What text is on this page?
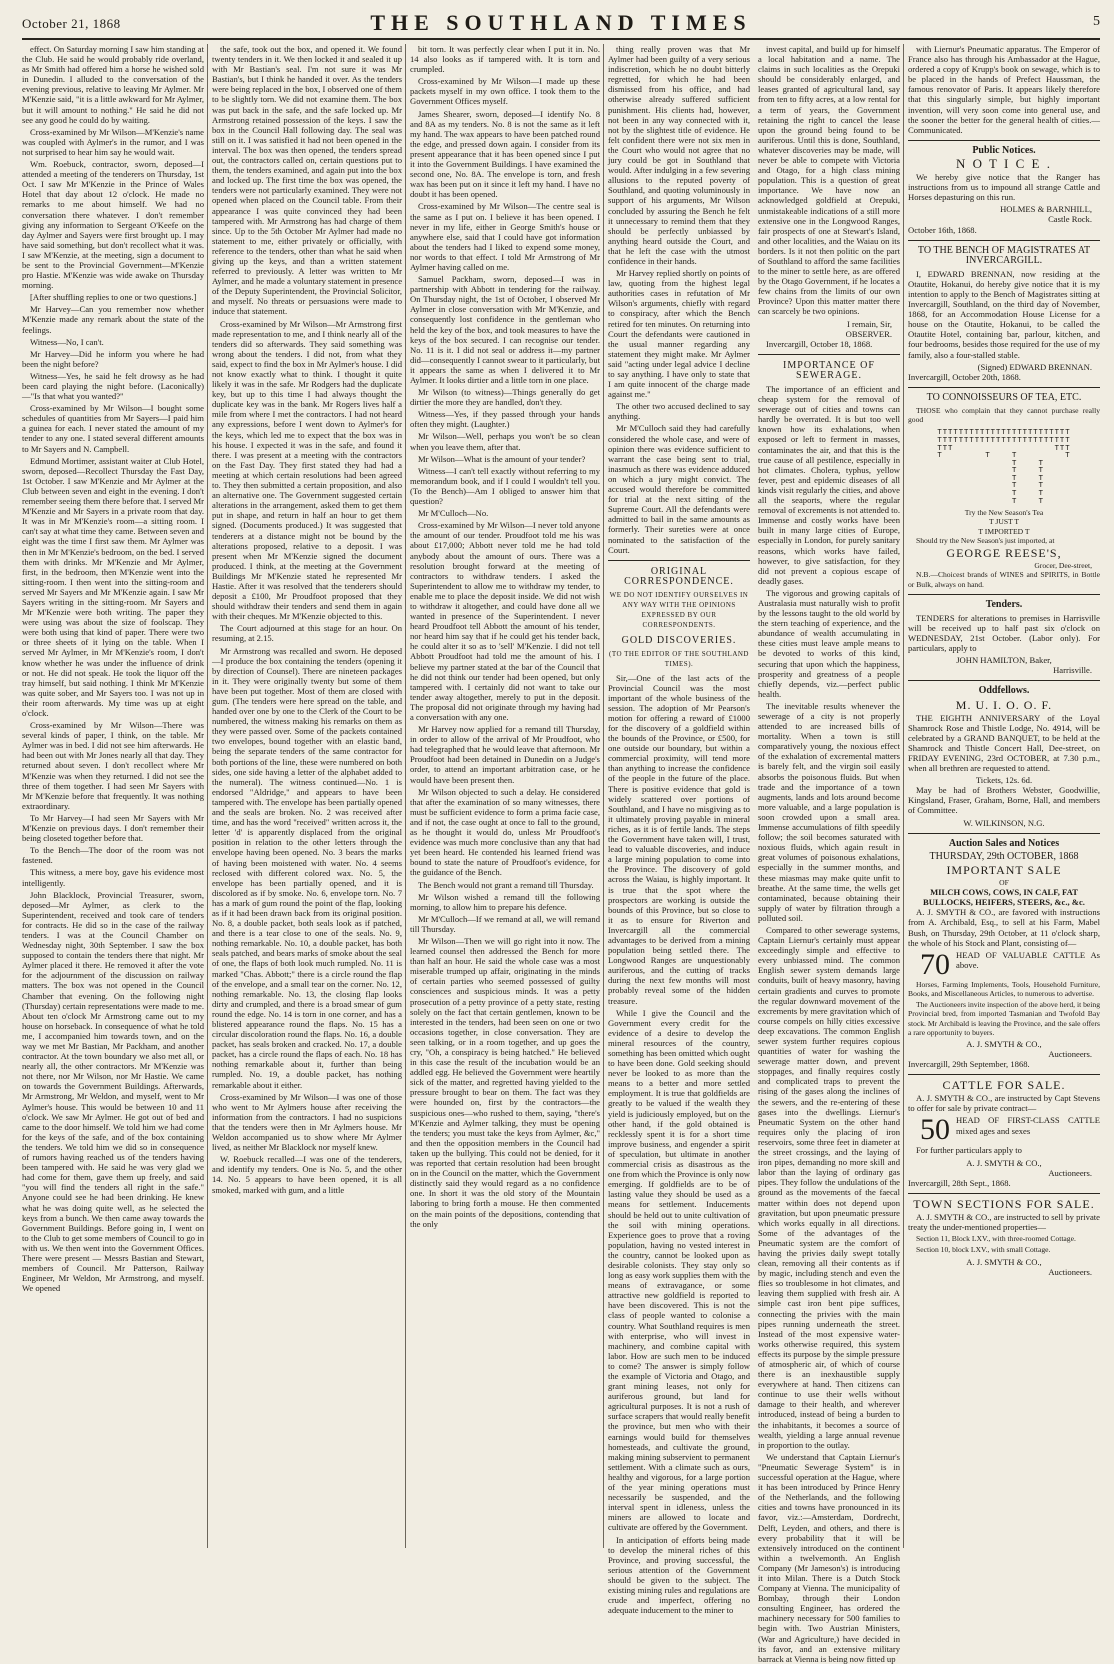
October 21, 1868	THE SOUTHLAND TIMES	5

effect. On Saturday morning I saw him standing at the Club. He said he would probably ride overland, as Mr Smith had offered him a horse he wished sold in Dunedin. I alluded to the conversation of the evening previous, relative to leaving Mr Aylmer. Mr M'Kenzie said, "it is a little awkward for Mr Aylmer, but it will amount to nothing." He said he did not see any good he could do by waiting.

Cross-examined by Mr Wilson—M'Kenzie's name was coupled with Aylmer's in the rumor, and I was not surprised to hear him say he would wait.

Wm. Roebuck, contractor, sworn, deposed—I attended a meeting of the tenderers on Thursday, 1st Oct. I saw Mr M'Kenzie in the Prince of Wales Hotel that day about 12 o'clock. He made no remarks to me about himself. We had no conversation there whatever. I don't remember giving any information to Sergeant O'Keefe on the day Aylmer and Sayers were first brought up. I may have said something, but don't recollect what it was. I saw M'Kenzie, at the meeting, sign a document to be sent to the Provincial Government—M'Kenzie pro Hastie. M'Kenzie was wide awake on Thursday morning.

[After shuffling replies to one or two questions.]

Mr Harvey—Can you remember now whether M'Kenzie made any remark about the state of the feelings.

Witness—No, I can't.

Mr Harvey—Did he inform you where he had been the night before?

Witness—Yes, he said he felt drowsy as he had been card playing the night before. (Laconically)—"Is that what you wanted?"

Cross-examined by Mr Wilson—I bought some schedules of quantities from Mr Sayers—I paid him a guinea for each. I never stated the amount of my tender to any one. I stated several different amounts to Mr Sayers and N. Campbell.

Edmund Mortimer, assistant waiter at Club Hotel, sworn, deposed—Recollect Thursday the Fast Day, 1st October. I saw M'Kenzie and Mr Aylmer at the Club between seven and eight in the evening. I don't remember seeing them there before that. I served Mr M'Kenzie and Mr Sayers in a private room that day. It was in Mr M'Kenzie's room—a sitting room. I can't say at what time they came. Between seven and eight was the time I first saw them. Mr Aylmer was then in Mr M'Kenzie's bedroom, on the bed. I served them with drinks. Mr M'Kenzie and Mr Aylmer, first, in the bedroom, then M'Kenzie went into the sitting-room. I then went into the sitting-room and served Mr Sayers and Mr M'Kenzie again. I saw Mr Sayers writing in the sitting-room. Mr Sayers and Mr M'Kenzie were both writing. The paper they were using was about the size of foolscap. They were both using that kind of paper. There were two or three sheets of it lying on the table. When I served Mr Aylmer, in Mr M'Kenzie's room, I don't know whether he was under the influence of drink or not. He did not speak. He took the liquor off the tray himself, but said nothing. I think Mr M'Kenzie was quite sober, and Mr Sayers too. I was not up in their room afterwards. My time was up at eight o'clock.

Cross-examined by Mr Wilson—There was several kinds of paper, I think, on the table. Mr Aylmer was in bed. I did not see him afterwards. He had been out with Mr Jones nearly all that day. They returned about seven. I don't recollect where Mr M'Kenzie was when they returned. I did not see the three of them together. I had seen Mr Sayers with Mr M'Kenzie before that frequently. It was nothing extraordinary.

To Mr Harvey—I had seen Mr Sayers with Mr M'Kenzie on previous days. I don't remember their being closeted together before that.

To the Bench—The door of the room was not fastened.

This witness, a mere boy, gave his evidence most intelligently.

John Blacklock, Provincial Treasurer, sworn, deposed—Mr Aylmer, as clerk to the Superintendent, received and took care of tenders for contracts. He did so in the case of the railway tenders. I was at the Council Chamber on Wednesday night, 30th September. I saw the box supposed to contain the tenders there that night. Mr Aylmer placed it there. He removed it after the vote for the adjournment of the discussion on railway matters. The box was not opened in the Council Chamber that evening. On the following night (Thursday) certain representations were made to me. About ten o'clock Mr Armstrong came out to my house on horseback. In consequence of what he told me, I accompanied him towards town, and on the way we met Mr Bastian, Mr Packham, and another contractor. At the town boundary we also met all, or nearly all, the other contractors. Mr M'Kenzie was not there, nor Mr Wilson, nor Mr Hastie. We came on towards the Government Buildings. Afterwards, Mr Armstrong, Mr Weldon, and myself, went to Mr Aylmer's house. This would be between 10 and 11 o'clock. We saw Mr Aylmer. He got out of bed and came to the door himself. We told him we had come for the keys of the safe, and of the box containing the tenders. We told him we did so in consequence of rumors having reached us of the tenders having been tampered with. He said he was very glad we had come for them, gave them up freely, and said "you will find the tenders all right in the safe." Anyone could see he had been drinking. He knew what he was doing quite well, as he selected the keys from a bunch. We then came away towards the Government Buildings. Before going in, I went on to the Club to get some members of Council to go in with us. We then went into the Government Offices. There were present — Messrs Bastian and Stewart, members of Council. Mr Patterson, Railway Engineer, Mr Weldon, Mr Armstrong, and myself. We opened

the safe, took out the box, and opened it. We found twenty tenders in it. We then locked it and sealed it up with Mr Bastian's seal. I'm not sure it was Mr Bastian's, but I think he handed it over. As the tenders were being replaced in the box, I observed one of them to be slightly torn. We did not examine them. The box was put back in the safe, and the safe locked up. Mr Armstrong retained possession of the keys. I saw the box in the Council Hall following day. The seal was still on it. I was satisfied it had not been opened in the interval. The box was then opened, the tenders spread out, the contractors called on, certain questions put to them, the tenders examined, and again put into the box and locked up. The first time the box was opened, the tenders were not particularly examined. They were not opened when placed on the Council table. From their appearance I was quite convinced they had been tampered with. Mr Armstrong has had charge of them since. Up to the 5th October Mr Aylmer had made no statement to me, either privately or officially, with reference to the tenders, other than what he said when giving up the keys, and than a written statement referred to previously. A letter was written to Mr Aylmer, and he made a voluntary statement in presence of the Deputy Superintendent, the Provincial Solicitor, and myself. No threats or persuasions were made to induce that statement.

Cross-examined by Mr Wilson—Mr Armstrong first made representation to me, and I think nearly all of the tenders did so afterwards. They said something was wrong about the tenders. I did not, from what they said, expect to find the box in Mr Aylmer's house. I did not know exactly what to think. I thought it quite likely it was in the safe. Mr Rodgers had the duplicate key, but up to this time I had always thought the duplicate key was in the bank. Mr Rogers lives half a mile from where I met the contractors. I had not heard any expressions, before I went down to Aylmer's for the keys, which led me to expect that the box was in his house. I expected it was in the safe, and found it there. I was present at a meeting with the contractors on the Fast Day. They first stated they had had a meeting at which certain resolutions had been agreed to. They then submitted a certain proposition, and also an alternative one. The Government suggested certain alterations in the arrangement, asked them to get them put in shape, and return in half an hour to get them signed. (Documents produced.) It was suggested that tenderers at a distance might not be bound by the alterations proposed, relative to a deposit. I was present when Mr M'Kenzie signed the document produced. I think, at the meeting at the Government Buildings Mr M'Kenzie stated he represented Mr Hastie. After it was resolved that the tenderers should deposit a £100, Mr Proudfoot proposed that they should withdraw their tenders and send them in again with their cheques. Mr M'Kenzie objected to this.

The Court adjourned at this stage for an hour. On resuming, at 2.15.

Mr Armstrong was recalled and sworn. He deposed—I produce the box containing the tenders (opening it by direction of Counsel). There are nineteen packages in it. They were originally twenty but some of them have been put together. Most of them are closed with gum. (The tenders were here spread on the table, and handed over one by one to the Clerk of the Court to be numbered, the witness making his remarks on them as they were passed over. Some of the packets contained two envelopes, bound together with an elastic band, being the separate tenders of the same contractor for both portions of the line, these were numbered on both sides, one side having a letter of the alphabet added to the numeral). The witness continued—No. 1 is endorsed "Aldridge," and appears to have been tampered with. The envelope has been partially opened and the seals are broken. No. 2 was received after time, and has the word "received" written across it, the letter 'd' is apparently displaced from the original position in relation to the other letters through the envelope having been opened. No. 3 bears the marks of having been moistened with water. No. 4 seems reclosed with different colored wax. No. 5, the envelope has been partially opened, and it is discolored as if by smoke. No. 6, envelope torn. No. 7 has a mark of gum round the point of the flap, looking as if it had been drawn back from its original position. No. 8, a double packet, both seals look as if patched, and there is a tear close to one of the seals. No. 9, nothing remarkable. No. 10, a double packet, has both seals patched, and bears marks of smoke about the seal of one, the flaps of both look much rumpled. No. 11 is marked "Chas. Abbott;" there is a circle round the flap of the envelope, and a small tear on the corner. No. 12, nothing remarkable. No. 13, the closing flap looks dirty and crumpled, and there is a broad smear of gum round the edge. No. 14 is torn in one corner, and has a blistered appearance round the flaps. No. 15 has a circular discoloration round the flaps. No. 16, a double packet, has seals broken and cracked. No. 17, a double packet, has a circle round the flaps of each. No. 18 has nothing remarkable about it, further than being rumpled. No. 19, a double packet, has nothing remarkable about it either.

Cross-examined by Mr Wilson—I was one of those who went to Mr Aylmers house after receiving the information from the contractors. I had no suspicions that the tenders were then in Mr Aylmers house. Mr Weldon accompanied us to show where Mr Aylmer lived, as neither Mr Blacklock nor myself knew.

W. Roebuck recalled—I was one of the tenderers, and identify my tenders. One is No. 5, and the other 14. No. 5 appears to have been opened, it is all smoked, marked with gum, and a little

bit torn. It was perfectly clear when I put it in. No. 14 also looks as if tampered with. It is torn and crumpled.

Cross-examined by Mr Wilson—I made up these packets myself in my own office. I took them to the Government Offices myself.

James Shearer, sworn, deposed—I identify No. 8 and 8A as my tenders. No. 8 is not the same as it left my hand. The wax appears to have been patched round the edge, and pressed down again. I consider from its present appearance that it has been opened since I put it into the Government Buildings. I have examined the second one, No. 8A. The envelope is torn, and fresh wax has been put on it since it left my hand. I have no doubt it has been opened.

Cross-examined by Mr Wilson—The centre seal is the same as I put on. I believe it has been opened. I never in my life, either in George Smith's house or anywhere else, said that I could have got information about the tenders had I liked to expend some money, nor words to that effect. I told Mr Armstrong of Mr Aylmer having called on me.

Samuel Packham, sworn, deposed—I was in partnership with Abbott in tendering for the railway. On Thursday night, the 1st of October, I observed Mr Aylmer in close conversation with Mr M'Kenzie, and consequently lost confidence in the gentleman who held the key of the box, and took measures to have the keys of the box secured. I can recognise our tender. No. 11 is it. I did not seal or address it—my partner did—consequently I cannot swear to it particularly, but it appears the same as when I delivered it to Mr Aylmer. It looks dirtier and a little torn in one place.

Mr Wilson (to witness)—Things generally do get dirtier the more they are handled, don't they.

Witness—Yes, if they passed through your hands often they might. (Laughter.)

Mr Wilson—Well, perhaps you won't be so clean when you leave them, after that.

Mr Wilson—What is the amount of your tender?

Witness—I can't tell exactly without referring to my memorandum book, and if I could I wouldn't tell you. (To the Bench)—Am I obliged to answer him that question?

Mr M'Culloch—No.

Cross-examined by Mr Wilson—I never told anyone the amount of our tender. Proudfoot told me his was about £17,000; Abbott never told me he had told anybody about the amount of ours. There was a resolution brought forward at the meeting of contractors to withdraw tenders. I asked the Superintendent to allow me to withdraw my tender, to enable me to place the deposit inside. We did not wish to withdraw it altogether, and could have done all we wanted in presence of the Superintendent. I never heard Proudfoot tell Abbott the amount of his tender, nor heard him say that if he could get his tender back, he could alter it so as to 'sell' M'Kenzie. I did not tell Abbott Proudfoot had told me the amount of his. I believe my partner stated at the bar of the Council that he did not think our tender had been opened, but only tampered with. I certainly did not want to take our tender away altogether, merely to put in the deposit. The proposal did not originate through my having had a conversation with any one.

Mr Harvey now applied for a remand till Thursday, in order to allow of the arrival of Mr Proudfoot, who had telegraphed that he would leave that afternoon. Mr Proudfoot had been detained in Dunedin on a Judge's order, to attend an important arbitration case, or he would have been present then.

Mr Wilson objected to such a delay. He considered that after the examination of so many witnesses, there must be sufficient evidence to form a prima facie case, and if not, the case ought at once to fall to the ground, as he thought it would do, unless Mr Proudfoot's evidence was much more conclusive than any that had yet been heard. He contended his learned friend was bound to state the nature of Proudfoot's evidence, for the guidance of the Bench.

The Bench would not grant a remand till Thursday.

Mr Wilson wished a remand till the following morning, to allow him to prepare his defence.

Mr M'Culloch—If we remand at all, we will remand till Thursday.

Mr Wilson—Then we will go right into it now. The learned counsel then addressed the Bench for more than half an hour. He said the whole case was a most miserable trumped up affair, originating in the minds of certain parties who seemed possessed of guilty consciences and suspicious minds. It was a petty prosecution of a petty province of a petty state, resting solely on the fact that certain gentlemen, known to be interested in the tenders, had been seen on one or two occasions together, in close conversation. They are seen talking, or in a room together, and up goes the cry, "Oh, a conspiracy is being hatched." He believed in this case the result of the incubation would be an addled egg. He believed the Government were heartily sick of the matter, and regretted having yielded to the pressure brought to bear on them. The fact was they were hounded on, first by the contractors—the suspicious ones—who rushed to them, saying, "there's M'Kenzie and Aylmer talking, they must be opening the tenders; you must take the keys from Aylmer, &c," and then the opposition members in the Council had taken up the bullying. This could not be denied, for it was reported that certain resolution had been brought on in the Council on the matter, which the Government distinctly said they would regard as a no confidence one. In short it was the old story of the Mountain laboring to bring forth a mouse. He then commented on the main points of the depositions, contending that the only

thing really proven was that Mr Aylmer had been guilty of a very serious indiscretion, which he no doubt bitterly regretted, for which he had been dismissed from his office, and had otherwise already suffered sufficient punishment. His clients had, however, not been in any way connected with it, not by the slightest title of evidence. He felt confident there were not six men in the Court who would not agree that no jury could be got in Southland that would. After indulging in a few severing allusions to the reputed poverty of Southland, and quoting voluminously in support of his arguments, Mr Wilson concluded by assuring the Bench he felt it unnecessary to remind them that they should be perfectly unbiassed by anything heard outside the Court, and that he left the case with the utmost confidence in their hands.

Mr Harvey replied shortly on points of law, quoting from the highest legal authorities cases in refutation of Mr Wilson's arguments, chiefly with regard to conspiracy, after which the Bench retired for ten minutes. On returning into Court the defendants were cautioned in the usual manner regarding any statement they might make. Mr Aylmer said "acting under legal advice I decline to say anything. I have only to state that I am quite innocent of the charge made against me."

The other two accused declined to say anything.

Mr M'Culloch said they had carefully considered the whole case, and were of opinion there was evidence sufficient to warrant the case being sent to trial, inasmuch as there was evidence adduced on which a jury might convict. The accused would therefore be committed for trial at the next sitting of the Supreme Court. All the defendants were admitted to bail in the same amounts as formerly. Their sureties were at once nominated to the satisfaction of the Court.

ORIGINAL CORRESPONDENCE.
WE DO NOT IDENTIFY OURSELVES IN ANY WAY WITH THE OPINIONS EXPRESSED BY OUR CORRESPONDENTS.
GOLD DISCOVERIES.
(TO THE EDITOR OF THE SOUTHLAND TIMES).

Sir,—One of the last acts of the Provincial Council was the most important of the whole business of the session. The adoption of Mr Pearson's motion for offering a reward of £1000 for the discovery of a goldfield within the bounds of the Province, or £500, for one outside our boundary, but within a commercial proximity, will tend more than anything to increase the confidence of the people in the future of the place. There is positive evidence that gold is widely scattered over portions of Southland, and I have no misgiving as to it ultimately proving payable in mineral riches, as it is of fertile lands. The steps the Government have taken will, I trust, lead to valuable discoveries, and induce a large mining population to come into the Province. The discovery of gold across the Waiau, is highly important. It is true that the spot where the prospectors are working is outside the bounds of this Province, but so close to it as to ensure for Riverton and Invercargill all the commercial advantages to be derived from a mining population being settled there. The Longwood Ranges are unquestionably auriferous, and the cutting of tracks during the next few months will most probably reveal some of the hidden treasure.

While I give the Council and the Government every credit for the evidence of a desire to develop the mineral resources of the country, something has been omitted which ought to have been done. Gold seeking should never be looked to as more than the means to a better and more settled employment. It is true that goldfields are greatly to be valued if the wealth they yield is judiciously employed, but on the other hand, if the gold obtained is recklessly spent it is for a short time improve business, and engender a spirit of speculation, but ultimate in another commercial crisis as disastrous as the one from which the Province is only now emerging. If goldfields are to be of lasting value they should be used as a means for settlement. Inducements should be held out to unite cultivation of the soil with mining operations. Experience goes to prove that a roving population, having no vested interest in the country, cannot be looked upon as desirable colonists. They stay only so long as easy work supplies them with the means of extravagance, or some attractive new goldfield is reported to have been discovered. This is not the class of people wanted to colonise a country. What Southland requires is men with enterprise, who will invest in machinery, and combine capital with labor. How are such men to be induced to come? The answer is simply follow the example of Victoria and Otago, and grant mining leases, not only for auriferous ground, but land for agricultural purposes. It is not a rush of surface scrapers that would really benefit the province, but men who with their earnings would build for themselves homesteads, and cultivate the ground, making mining subservient to permanent settlement. With a climate such as ours, healthy and vigorous, for a large portion of the year mining operations must necessarily be suspended, and the interval spent in idleness, unless the miners are allowed to locate and cultivate are offered by the Government.

In anticipation of efforts being made to develop the mineral riches of this Province, and proving successful, the serious attention of the Government should be given to the subject. The existing mining rules and regulations are crude and imperfect, offering no adequate inducement to the miner to

invest capital, and build up for himself a local habitation and a name. The claims in such localities as the Orepuki should be considerably enlarged, and leases granted of agricultural land, say from ten to fifty acres, at a low rental for a term of years, the Government retaining the right to cancel the lease upon the ground being found to be auriferous. Until this is done, Southland, whatever discoveries may be made, will never be able to compete with Victoria and Otago, for a high class mining population. This is a question of great importance. We have now an acknowledged goldfield at Orepuki, unmistakeable indications of a still more extensive one in the Longwood Ranges, fair prospects of one at Stewart's Island, and other localities, and the Waiau on its borders. Is it not then politic on the part of Southland to afford the same facilities to the miner to settle here, as are offered by the Otago Government, if he locates a few chains from the limits of our own Province? Upon this matter matter there can scarcely be two opinions.

I remain, Sir,
OBSERVER.

Invercargill, October 18, 1868.

IMPORTANCE OF SEWERAGE.

The importance of an efficient and cheap system for the removal of sewerage out of cities and towns can hardly be overrated. It is but too well known how its exhalations, when exposed or left to ferment in masses, contaminates the air, and that this is the true cause of all pestilence, especially in hot climates. Cholera, typhus, yellow fever, pest and epidemic diseases of all kinds visit regularly the cities, and above all the seaports, where the regular removal of excrements is not attended to. Immense and costly works have been built in many large cities of Europe, especially in London, for purely sanitary reasons, which works have failed, however, to give satisfaction, for they did not prevent a copious escape of deadly gases.

The vigorous and growing capitals of Australasia must naturally wish to profit by the lessons taught to the old world by the stern teaching of experience, and the abundance of wealth accumulating in these cities must leave ample means to be devoted to works of this kind, securing that upon which the happiness, prosperity and greatness of a people chiefly depends, viz.—perfect public health.

The inevitable results whenever the sewerage of a city is not properly attended to are increased bills of mortality. When a town is still comparatively young, the noxious effect of the exhalation of excremental matters is barely felt, and the virgin soil easily absorbs the poisonous fluids. But when trade and the importance of a town augments, lands and lots around become more valuable, and a large population is soon crowded upon a small area. Immense accumulations of filth speedily follow; the soil becomes saturated with noxious fluids, which again result in great volumes of poisonous exhalations, especially in the summer months, and these miasmas may make quite unfit to breathe. At the same time, the wells get contaminated, because obtaining their supply of water by filtration through a polluted soil.

Compared to other sewerage systems, Captain Liernur's certainly must appear exceedingly simple and effective to every unbiassed mind. The common English sewer system demands large conduits, built of heavy masonry, having certain gradients and curves to promote the regular downward movement of the excrements by mere gravitation which of course compels on hilly cities excessive deep excavations. The common English sewer system further requires copious quantities of water for washing the sewerage matter down, and prevent stoppages, and finally requires costly and complicated traps to prevent the rising of the gases along the inclines of the sewers, and the re-entering of these gases into the dwellings. Liernur's Pneumatic System on the other hand requires only the placing of iron reservoirs, some three feet in diameter at the street crossings, and the laying of iron pipes, demanding no more skill and labor than the laying of ordinary gas pipes. They follow the undulations of the ground as the movements of the faecal matter within does not depend upon gravitation, but upon pneumatic pressure which works equally in all directions. Some of the advantages of the Pneumatic system are the comfort of having the privies daily swept totally clean, removing all their contents as if by magic, including stench and even the flies so troublesome in hot climates, and leaving them supplied with fresh air. A simple cast iron bent pipe suffices, connecting the privies with the main pipes running underneath the street. Instead of the most expensive water-works otherwise required, this system effects its purpose by the simple pressure of atmospheric air, of which of course there is an inexhaustible supply everywhere at hand. Then citizens can continue to use their wells without damage to their health, and wherever introduced, instead of being a burden to the inhabitants, it becomes a source of wealth, yielding a large annual revenue in proportion to the outlay.

We understand that Captain Liernur's "Pneumatic Sewerage System" is in successful operation at the Hague, where it has been introduced by Prince Henry of the Netherlands, and the following cities and towns have pronounced in its favor, viz.:—Amsterdam, Dordrecht, Delft, Leyden, and others, and there is every probability that it will be extensively introduced on the continent within a twelvemonth. An English Company (Mr Jameson's) is introducing it into Milan. There is a Dutch Stock Company at Vienna. The municipality of Bombay, through their London consulting Engineer, has ordered the machinery necessary for 500 families to begin with. Two Austrian Ministers, (War and Agriculture,) have decided in its favor, and an extensive military barrack at Vienna is being now fitted up

with Liernur's Pneumatic apparatus. The Emperor of France also has through his Ambassador at the Hague, ordered a copy of Krupp's book on sewage, which is to be placed in the hands of Prefect Haussman, the famous renovator of Paris. It appears likely therefore that this singularly simple, but highly important invention, will very soon come into general use, and the sooner the better for the general health of cities.—Communicated.

Public Notices.
N O T I C E .

We hereby give notice that the Ranger has instructions from us to impound all strange Cattle and Horses depasturing on this run.

HOLMES & BARNHILL,
Castle Rock.
October 16th, 1868.
TO THE BENCH OF MAGISTRATES AT INVERCARGILL.

I, EDWARD BRENNAN, now residing at the Otautite, Hokanui, do hereby give notice that it is my intention to apply to the Bench of Magistrates sitting at Invercargill, Southland, on the third day of November, 1868, for an Accommodation House License for a house on the Otautite, Hokanui, to be called the Otautite Hotel, containing bar, parlour, kitchen, and four bedrooms, besides those required for the use of my family, also a four-stalled stable.

(Signed) EDWARD BRENNAN.
Invercargill, October 20th, 1868.
TO CONNOISSEURS OF TEA, ETC.

THOSE who complain that they cannot purchase really good

TTTTTTTTTTTTTTTTTTTTTTTTT
TTTTTTTTTTTTTTTTTTTTTTTTT
TTT                   TTT
T        T    T         T
T    T
T    T
T    T
T    T
T    T
T    T
Try the New Season's Tea
T JUST T
T IMPORTED T

Should try the New Season's just imported, at

GEORGE REESE'S,
Grocer, Dee-street,

N.B.—Choicest brands of WINES and SPIRITS, in Bottle or Bulk, always on hand.

Tenders.

TENDERS for alterations to premises in Harrisville will be received up to half past six o'clock on WEDNESDAY, 21st October. (Labor only). For particulars, apply to

JOHN HAMILTON, Baker,
Harrisville.
Oddfellows.
M. U. I. O. O. F.

THE EIGHTH ANNIVERSARY of the Loyal Shamrock Rose and Thistle Lodge, No. 4914, will be celebrated by a GRAND BANQUET, to be held at the Shamrock and Thistle Concert Hall, Dee-street, on FRIDAY EVENING, 23rd OCTOBER, at 7.30 p.m., when all brethren are requested to attend.

Tickets, 12s. 6d.

May be had of Brothers Webster, Goodwillie, Kingsland, Fraser, Graham, Borne, Hall, and members of Committee.

W. WILKINSON, N.G.
Auction Sales and Notices
THURSDAY, 29th OCTOBER, 1868
IMPORTANT SALE
OF
MILCH COWS, COWS, IN CALF, FAT BULLOCKS, HEIFERS, STEERS, &c., &c.

A. J. SMYTH & CO., are favored with instructions from A. Archibald, Esq., to sell at his Farm, Mabel Bush, on Thursday, 29th October, at 11 o'clock sharp, the whole of his Stock and Plant, consisting of—

70 HEAD OF VALUABLE CATTLE As above.

Horses, Farming Implements, Tools, Household Furniture, Books, and Miscellaneous Articles, to numerous to advertise.

The Auctioneers invite inspection of the above herd, it being Provincial bred, from imported Tasmanian and Twofold Bay stock. Mr Archibald is leaving the Province, and the sale offers a rare opportunity to buyers.

A. J. SMYTH & CO.,
Auctioneers.
Invercargill, 29th September, 1868.
CATTLE FOR SALE.

A. J. SMYTH & CO., are instructed by Capt Stevens to offer for sale by private contract—

50 HEAD OF FIRST-CLASS CATTLE mixed ages and sexes

For further particulars apply to

A. J. SMYTH & CO.,
Auctioneers.
Invercargill, 28th Sept., 1868.
TOWN SECTIONS FOR SALE.

A. J. SMYTH & CO., are instructed to sell by private treaty the under-mentioned properties—

Section 11, Block LXV., with three-roomed Cottage.

Section 10, block LXV., with small Cottage.

A. J. SMYTH & CO.,
Auctioneers.
